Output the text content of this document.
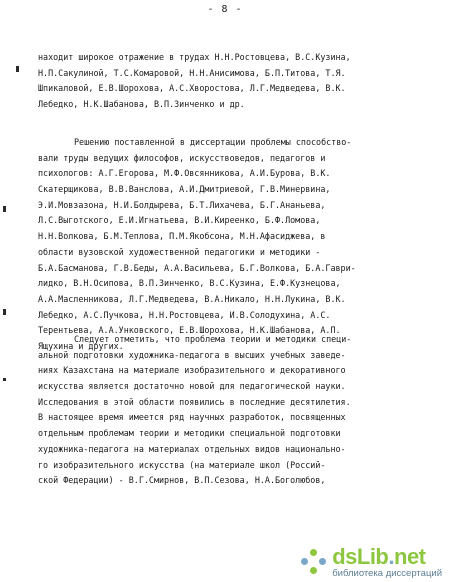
- 8 -
находит широкое отражение в трудах Н.Н.Ростовцева, В.С.Кузина,
Н.П.Сакулиной, Т.С.Комаровой, Н.Н.Анисимова, Б.П.Титова, Т.Я.
Шпикаловой, Е.В.Шорохова, А.С.Хворостова, Л.Г.Медведева, В.К.
Лебедко, Н.К.Шабанова, В.П.Зинченко и др.
Решению поставленной в диссертации проблемы способство-
вали труды ведущих философов, искусствоведов, педагогов и
психологов: А.Г.Егорова, М.Ф.Овсянникова, А.И.Бурова, В.К.
Скатерщикова, В.В.Ванслова, А.И.Дмитриевой, Г.В.Минервина,
Э.И.Мовзазона, Н.И.Болдырева, Б.Т.Лихачева, Б.Г.Ананьева,
Л.С.Выготского, Е.И.Игнатьева, В.И.Киреенко, Б.Ф.Ломова,
Н.Н.Волкова, Б.М.Теплова, П.М.Якобсона, М.Н.Афасиджева, в
области вузовской художественной педагогики и методики -
Б.А.Басманова, Г.В.Беды, А.А.Васильева, Б.Г.Волкова, Б.А.Гаври-
лидко, В.Н.Осипова, В.П.Зинченко, В.С.Кузина, Е.Ф.Кузнецова,
А.А.Масленникова, Л.Г.Медведева, В.А.Никало, Н.Н.Лукина, В.К.
Лебедко, А.С.Пучкова, Н.Н.Ростовцева, И.В.Солодухина, А.С.
Терентьева, А.А.Унковского, Е.В.Шорохова, Н.К.Шабанова, А.П.
Ящухина и других.
Следует отметить, что проблема теории и методики специ-
альной подготовки художника-педагога в высших учебных заведе-
ниях Казахстана на материале изобразительного и декоративного
искусства является достаточно новой для педагогической науки.
Исследования в этой области появились в последние десятилетия.
В настоящее время имеется ряд научных разработок, посвященных
отдельным проблемам теории и методики специальной подготовки
художника-педагога на материалах отдельных видов национально-
го изобразительного искусства (на материале школ (Россий-
ской Федерации) - В.Г.Смирнов, В.П.Сезова, Н.А.Боголюбов,
dsLib.net
библиотека диссертаций
